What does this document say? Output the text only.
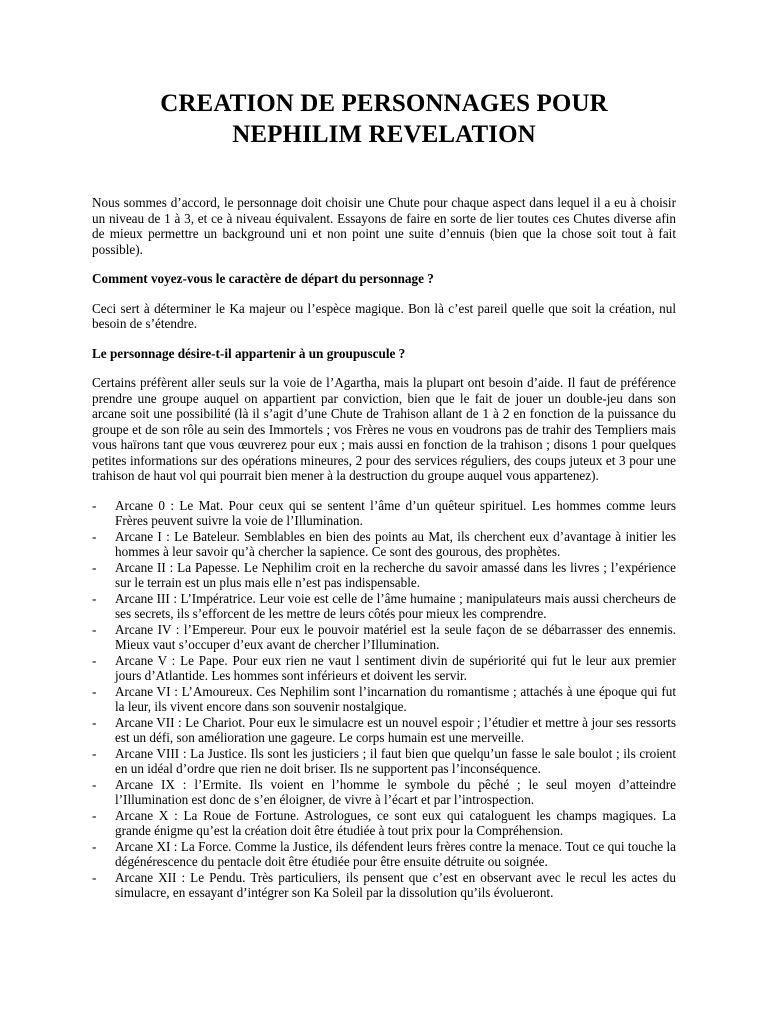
CREATION DE PERSONNAGES POUR
NEPHILIM REVELATION

Nous sommes d’accord, le personnage doit choisir une Chute pour chaque aspect dans lequel il a eu à choisir un niveau de 1 à 3, et ce à niveau équivalent. Essayons de faire en sorte de lier toutes ces Chutes diverse afin de mieux permettre un background uni et non point une suite d’ennuis (bien que la chose soit tout à fait possible).

Comment voyez-vous le caractère de départ du personnage ?

Ceci sert à déterminer le Ka majeur ou l’espèce magique. Bon là c’est pareil quelle que soit la création, nul besoin de s’étendre.

Le personnage désire-t-il appartenir à un groupuscule ?

Certains préfèrent aller seuls sur la voie de l’Agartha, mais la plupart ont besoin d’aide. Il faut de préférence prendre une groupe auquel on appartient par conviction, bien que le fait de jouer un double-jeu dans son arcane soit une possibilité (là il s’agit d’une Chute de Trahison allant de 1 à 2 en fonction de la puissance du groupe et de son rôle au sein des Immortels ; vos Frères ne vous en voudrons pas de trahir des Templiers mais vous haïrons tant que vous œuvrerez pour eux ; mais aussi en fonction de la trahison ; disons 1 pour quelques petites informations sur des opérations mineures, 2 pour des services réguliers, des coups juteux et 3 pour une trahison de haut vol qui pourrait bien mener à la destruction du groupe auquel vous appartenez).

- Arcane 0 : Le Mat. Pour ceux qui se sentent l’âme d’un quêteur spirituel. Les hommes comme leurs Frères peuvent suivre la voie de l’Illumination.
- Arcane I : Le Bateleur. Semblables en bien des points au Mat, ils cherchent eux d’avantage à initier les hommes à leur savoir qu’à chercher la sapience. Ce sont des gourous, des prophètes.
- Arcane II : La Papesse. Le Nephilim croit en la recherche du savoir amassé dans les livres ; l’expérience sur le terrain est un plus mais elle n’est pas indispensable.
- Arcane III : L’Impératrice. Leur voie est celle de l’âme humaine ; manipulateurs mais aussi chercheurs de ses secrets, ils s’efforcent de les mettre de leurs côtés pour mieux les comprendre.
- Arcane IV : l’Empereur. Pour eux le pouvoir matériel est la seule façon de se débarrasser des ennemis. Mieux vaut s’occuper d’eux avant de chercher l’Illumination.
- Arcane V : Le Pape. Pour eux rien ne vaut l sentiment divin de supériorité qui fut le leur aux premier jours d’Atlantide. Les hommes sont inférieurs et doivent les servir.
- Arcane VI : L’Amoureux. Ces Nephilim sont l’incarnation du romantisme ; attachés à une époque qui fut la leur, ils vivent encore dans son souvenir nostalgique.
- Arcane VII : Le Chariot. Pour eux le simulacre est un nouvel espoir ; l’étudier et mettre à jour ses ressorts est un défi, son amélioration une gageure. Le corps humain est une merveille.
- Arcane VIII : La Justice. Ils sont les justiciers ; il faut bien que quelqu’un fasse le sale boulot ; ils croient en un idéal d’ordre que rien ne doit briser. Ils ne supportent pas l’inconséquence.
- Arcane IX : l’Ermite. Ils voient en l’homme le symbole du pêché ; le seul moyen d’atteindre l’Illumination est donc de s’en éloigner, de vivre à l’écart et par l’introspection.
- Arcane X : La Roue de Fortune. Astrologues, ce sont eux qui cataloguent les champs magiques. La grande énigme qu’est la création doit être étudiée à tout prix pour la Compréhension.
- Arcane XI : La Force. Comme la Justice, ils défendent leurs frères contre la menace. Tout ce qui touche la dégénérescence du pentacle doit être étudiée pour être ensuite détruite ou soignée.
- Arcane XII : Le Pendu. Très particuliers, ils pensent que c’est en observant avec le recul les actes du simulacre, en essayant d’intégrer son Ka Soleil par la dissolution qu’ils évolueront.
